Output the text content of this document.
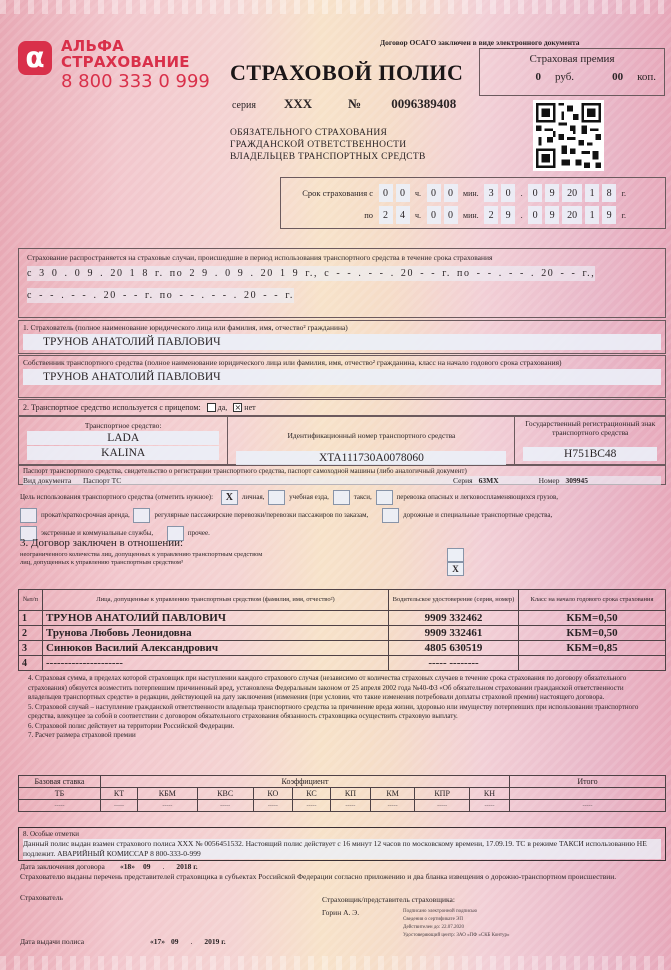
α	АЛЬФА
СТРАХОВАНИЕ
8 800 333 0 999
Договор ОСАГО заключен в виде электронного документа
СТРАХОВОЙ ПОЛИС
серия ХХХ	№ 0096389408
ОБЯЗАТЕЛЬНОГО СТРАХОВАНИЯ
ГРАЖДАНСКОЙ ОТВЕТСТВЕННОСТИ
ВЛАДЕЛЬЦЕВ ТРАНСПОРТНЫХ СРЕДСТВ
Страховая премия
0 руб.	00 коп.
Срок страхования с	0	0	ч.	0	0	мин.	3	0	.	0	9	20	1	8	г.
по	2	4	ч.	0	0	мин.	2	9	.	0	9	20	1	9	г.
Страхование распространяется на страховые случаи, происшедшие в период использования транспортного средства в течение срока страхования
с 3 0 . 0 9 . 20 1 8 г. по 2 9 . 0 9 . 20 1 9 г., с - - . - - . 20 - - г. по - - . - - . 20 - - г.,
с - - . - - . 20 - - г. по - - . - - . 20 - - г.
1. Страхователь (полное наименование юридического лица или фамилия, имя, отчество² гражданина)
ТРУНОВ АНАТОЛИЙ ПАВЛОВИЧ
Собственник транспортного средства (полное наименование юридического лица или фамилия, имя, отчество² гражданина, класс на начало годового срока страхования)
ТРУНОВ АНАТОЛИЙ ПАВЛОВИЧ
2. Транспортное средство используется с прицепом: да, × нет
Транспортное средство:
LADA
KALINA
Идентификационный номер транспортного средства
XTA111730A0078060
Государственный регистрационный знак транспортного средства
H751BC48
Паспорт транспортного средства, свидетельство о регистрации транспортного средства, паспорт самоходной машины (либо аналогичный документ)
Вид документа	Паспорт ТС	Серия 63МХ	Номер 309945
Цель использования транспортного средства (отметить нужное): X личная,	учебная езда,	такси,	перевозка опасных и легковоспламеняющихся грузов,
прокат/краткосрочная аренда,	регулярные пассажирские перевозки/перевозки пассажиров по заказам,	дорожные и специальные транспортные средства,
экстренные и коммунальные службы,	прочее.
3. Договор заключен в отношении:
неограниченного количества лиц, допущенных к управлению транспортным средством
лиц, допущенных к управлению транспортным средством³
X
№п/п	Лица, допущенные к управлению транспортным средством (фамилия, имя, отчество²)	Водительское удостоверение (серия, номер)	Класс на начало годового срока страхования
1	ТРУНОВ АНАТОЛИЙ ПАВЛОВИЧ	9909 332462	КБМ=0,50
2	Трунова Любовь Леонидовна	9909 332461	КБМ=0,50
3	Синюков Василий Александрович	4805 630519	КБМ=0,85
4	---------------------	----- --------	
4. Страховая сумма, в пределах которой страховщик при наступлении каждого страхового случая (независимо от количества страховых случаев в течение срока страхования по договору обязательного страхования) обязуется возместить потерпевшим причиненный вред, установлена Федеральным законом от 25 апреля 2002 года №40-ФЗ «Об обязательном страховании гражданской ответственности владельцев транспортных средств» в редакции, действующей на дату заключения (изменения (при условии, что такие изменения потребовали доплаты страховой премии) настоящего договора.
5. Страховой случай – наступление гражданской ответственности владельца транспортного средства за причинение вреда жизни, здоровью или имуществу потерпевших при использовании транспортного средства, влекущее за собой в соответствии с договором обязательного страхования обязанность страховщика осуществить страховую выплату.
6. Страховой полис действует на территории Российской Федерации.
7. Расчет размера страховой премии
Базовая ставка	Коэффициент									Итого
ТБ	КТ	КБМ	КВС	КО	КС	КП	КМ	КПР	КН	
-----	-----	-----	-----	-----	-----	-----	-----	-----	-----	-----
8. Особые отметки
Данный полис выдан взамен страхового полиса ХХХ № 0056451532. Настоящий полис действует с 16 минут 12 часов по московскому времени, 17.09.19. ТС в режиме ТАКСИ использованию НЕ подлежит. АВАРИЙНЫЙ КОМИССАР 8 800-333-0-999
Дата заключения договора	«18» 09 . 2018 г.
Страхователю выданы перечень представителей страховщика в субъектах Российской Федерации согласно приложению и два бланка извещения о дорожно-транспортном происшествии.
Страхователь	Страховщик/представитель страховщика:
Горин А. Э.	Подписано электронной подписью
Сведения о сертификате ЭП
Действителен до: 22.07.2020
Удостоверяющий центр: ЗАО «ПФ «СКБ Контур»
Дата выдачи полиса	«17» 09 . 2019 г.
